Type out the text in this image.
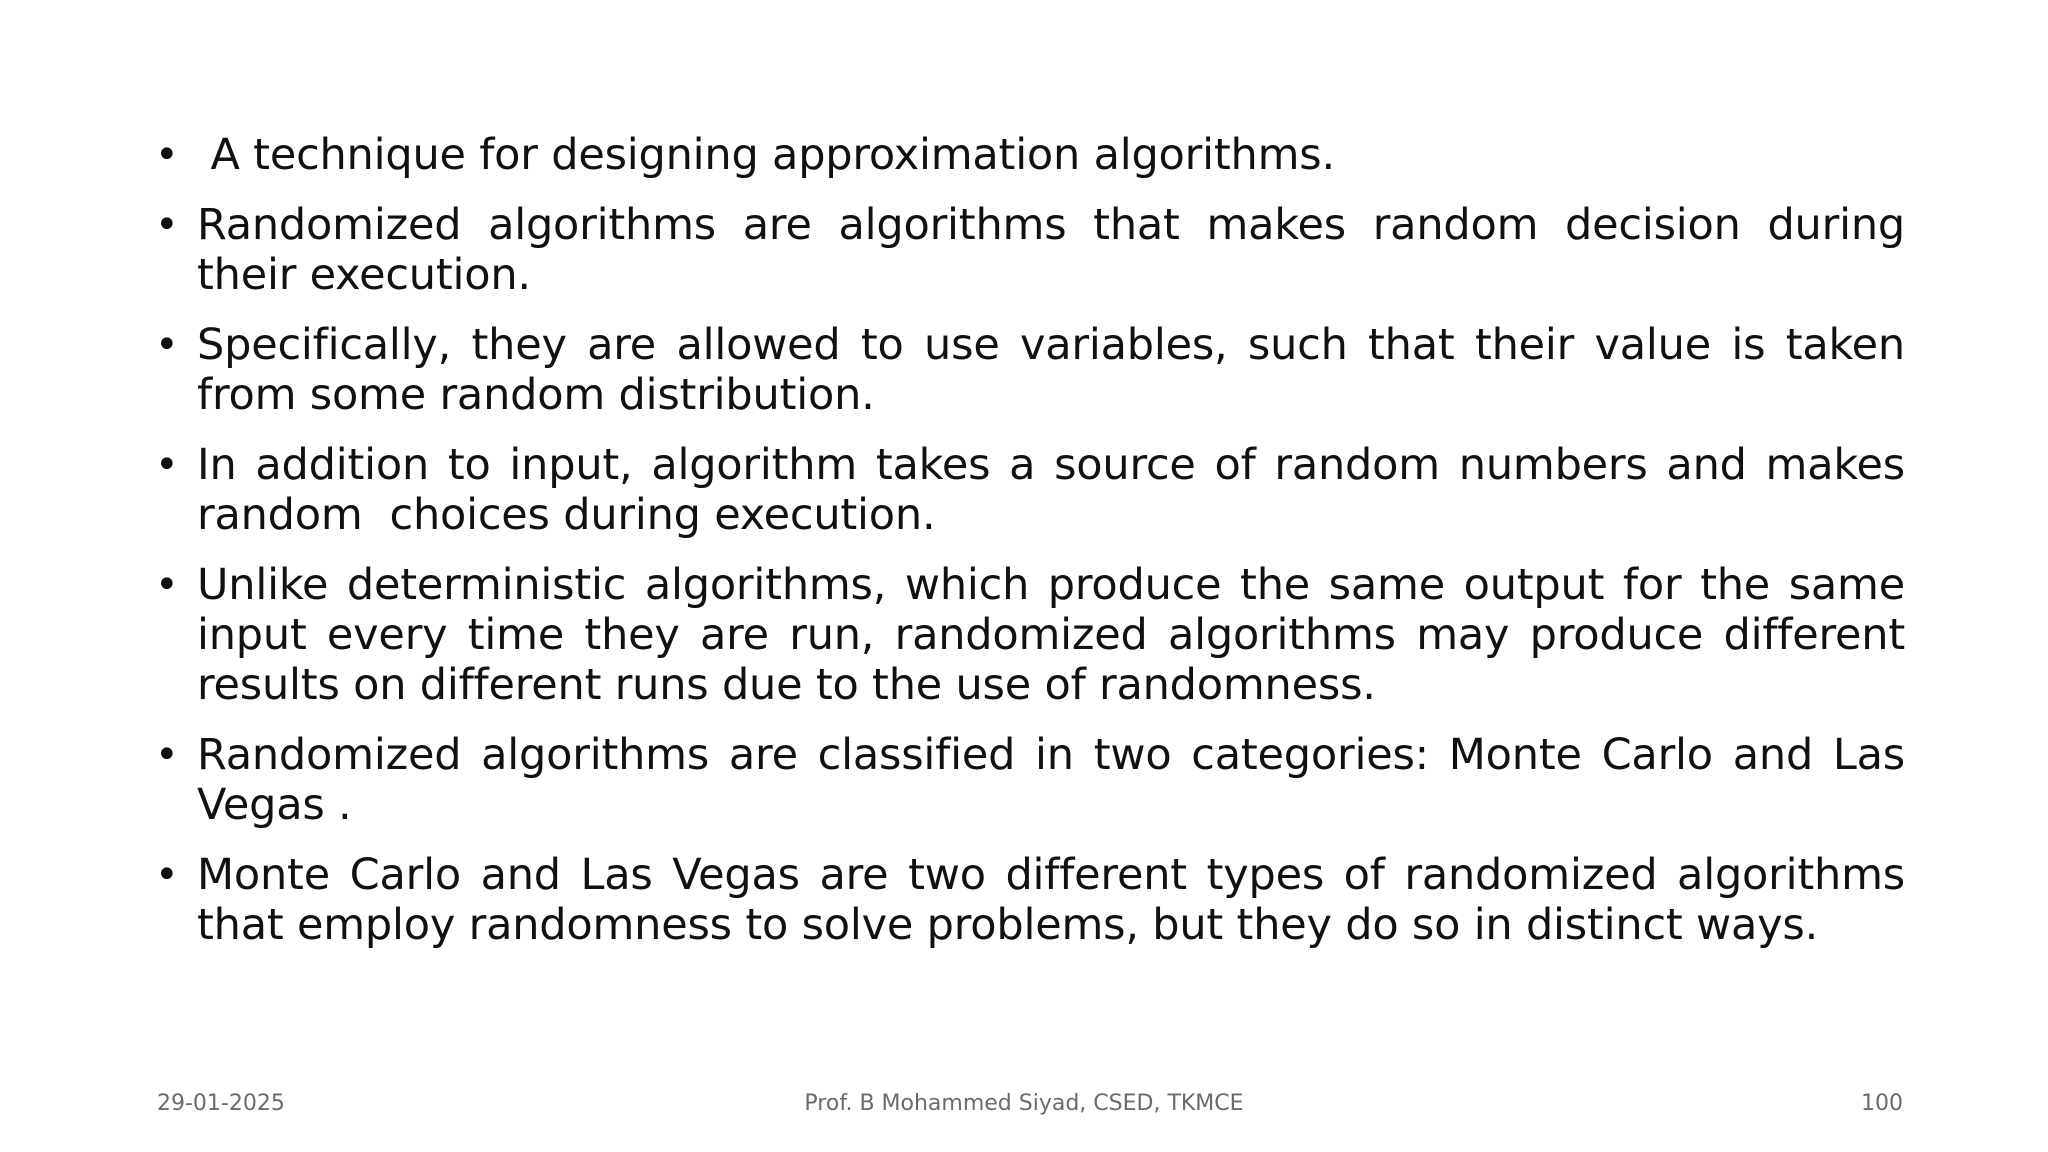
• A technique for designing approximation algorithms.
• Randomized algorithms are algorithms that makes random decision during their execution.
• Specifically, they are allowed to use variables, such that their value is taken from some random distribution.
• In addition to input, algorithm takes a source of random numbers and makes random  choices during execution.
• Unlike deterministic algorithms, which produce the same output for the same input every time they are run, randomized algorithms may produce different results on different runs due to the use of randomness.
• Randomized algorithms are classified in two categories: Monte Carlo and Las Vegas .
• Monte Carlo and Las Vegas are two different types of randomized algorithms that employ randomness to solve problems, but they do so in distinct ways.
29-01-2025	Prof. B Mohammed Siyad, CSED, TKMCE	100
